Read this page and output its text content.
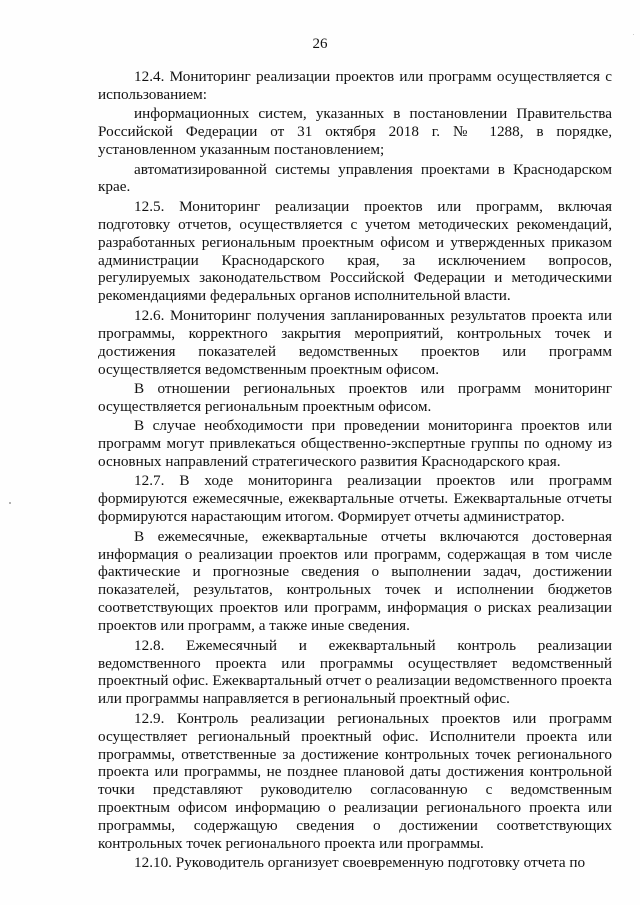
26

12.4. Мониторинг реализации проектов или программ осуществляется с использованием:

информационных систем, указанных в постановлении Правительства Российской Федерации от 31 октября 2018 г. № 1288, в порядке, установленном указанным постановлением;

автоматизированной системы управления проектами в Краснодарском крае.

12.5. Мониторинг реализации проектов или программ, включая подготовку отчетов, осуществляется с учетом методических рекомендаций, разработанных региональным проектным офисом и утвержденных приказом администрации Краснодарского края, за исключением вопросов, регулируемых законодательством Российской Федерации и методическими рекомендациями федеральных органов исполнительной власти.

12.6. Мониторинг получения запланированных результатов проекта или программы, корректного закрытия мероприятий, контрольных точек и достижения показателей ведомственных проектов или программ осуществляется ведомственным проектным офисом.

В отношении региональных проектов или программ мониторинг осуществляется региональным проектным офисом.

В случае необходимости при проведении мониторинга проектов или программ могут привлекаться общественно-экспертные группы по одному из основных направлений стратегического развития Краснодарского края.

12.7. В ходе мониторинга реализации проектов или программ формируются ежемесячные, ежеквартальные отчеты. Ежеквартальные отчеты формируются нарастающим итогом. Формирует отчеты администратор.

В ежемесячные, ежеквартальные отчеты включаются достоверная информация о реализации проектов или программ, содержащая в том числе фактические и прогнозные сведения о выполнении задач, достижении показателей, результатов, контрольных точек и исполнении бюджетов соответствующих проектов или программ, информация о рисках реализации проектов или программ, а также иные сведения.

12.8. Ежемесячный и ежеквартальный контроль реализации ведомственного проекта или программы осуществляет ведомственный проектный офис. Ежеквартальный отчет о реализации ведомственного проекта или программы направляется в региональный проектный офис.

12.9. Контроль реализации региональных проектов или программ осуществляет региональный проектный офис. Исполнители проекта или программы, ответственные за достижение контрольных точек регионального проекта или программы, не позднее плановой даты достижения контрольной точки представляют руководителю согласованную с ведомственным проектным офисом информацию о реализации регионального проекта или программы, содержащую сведения о достижении соответствующих контрольных точек регионального проекта или программы.

12.10. Руководитель организует своевременную подготовку отчета по
